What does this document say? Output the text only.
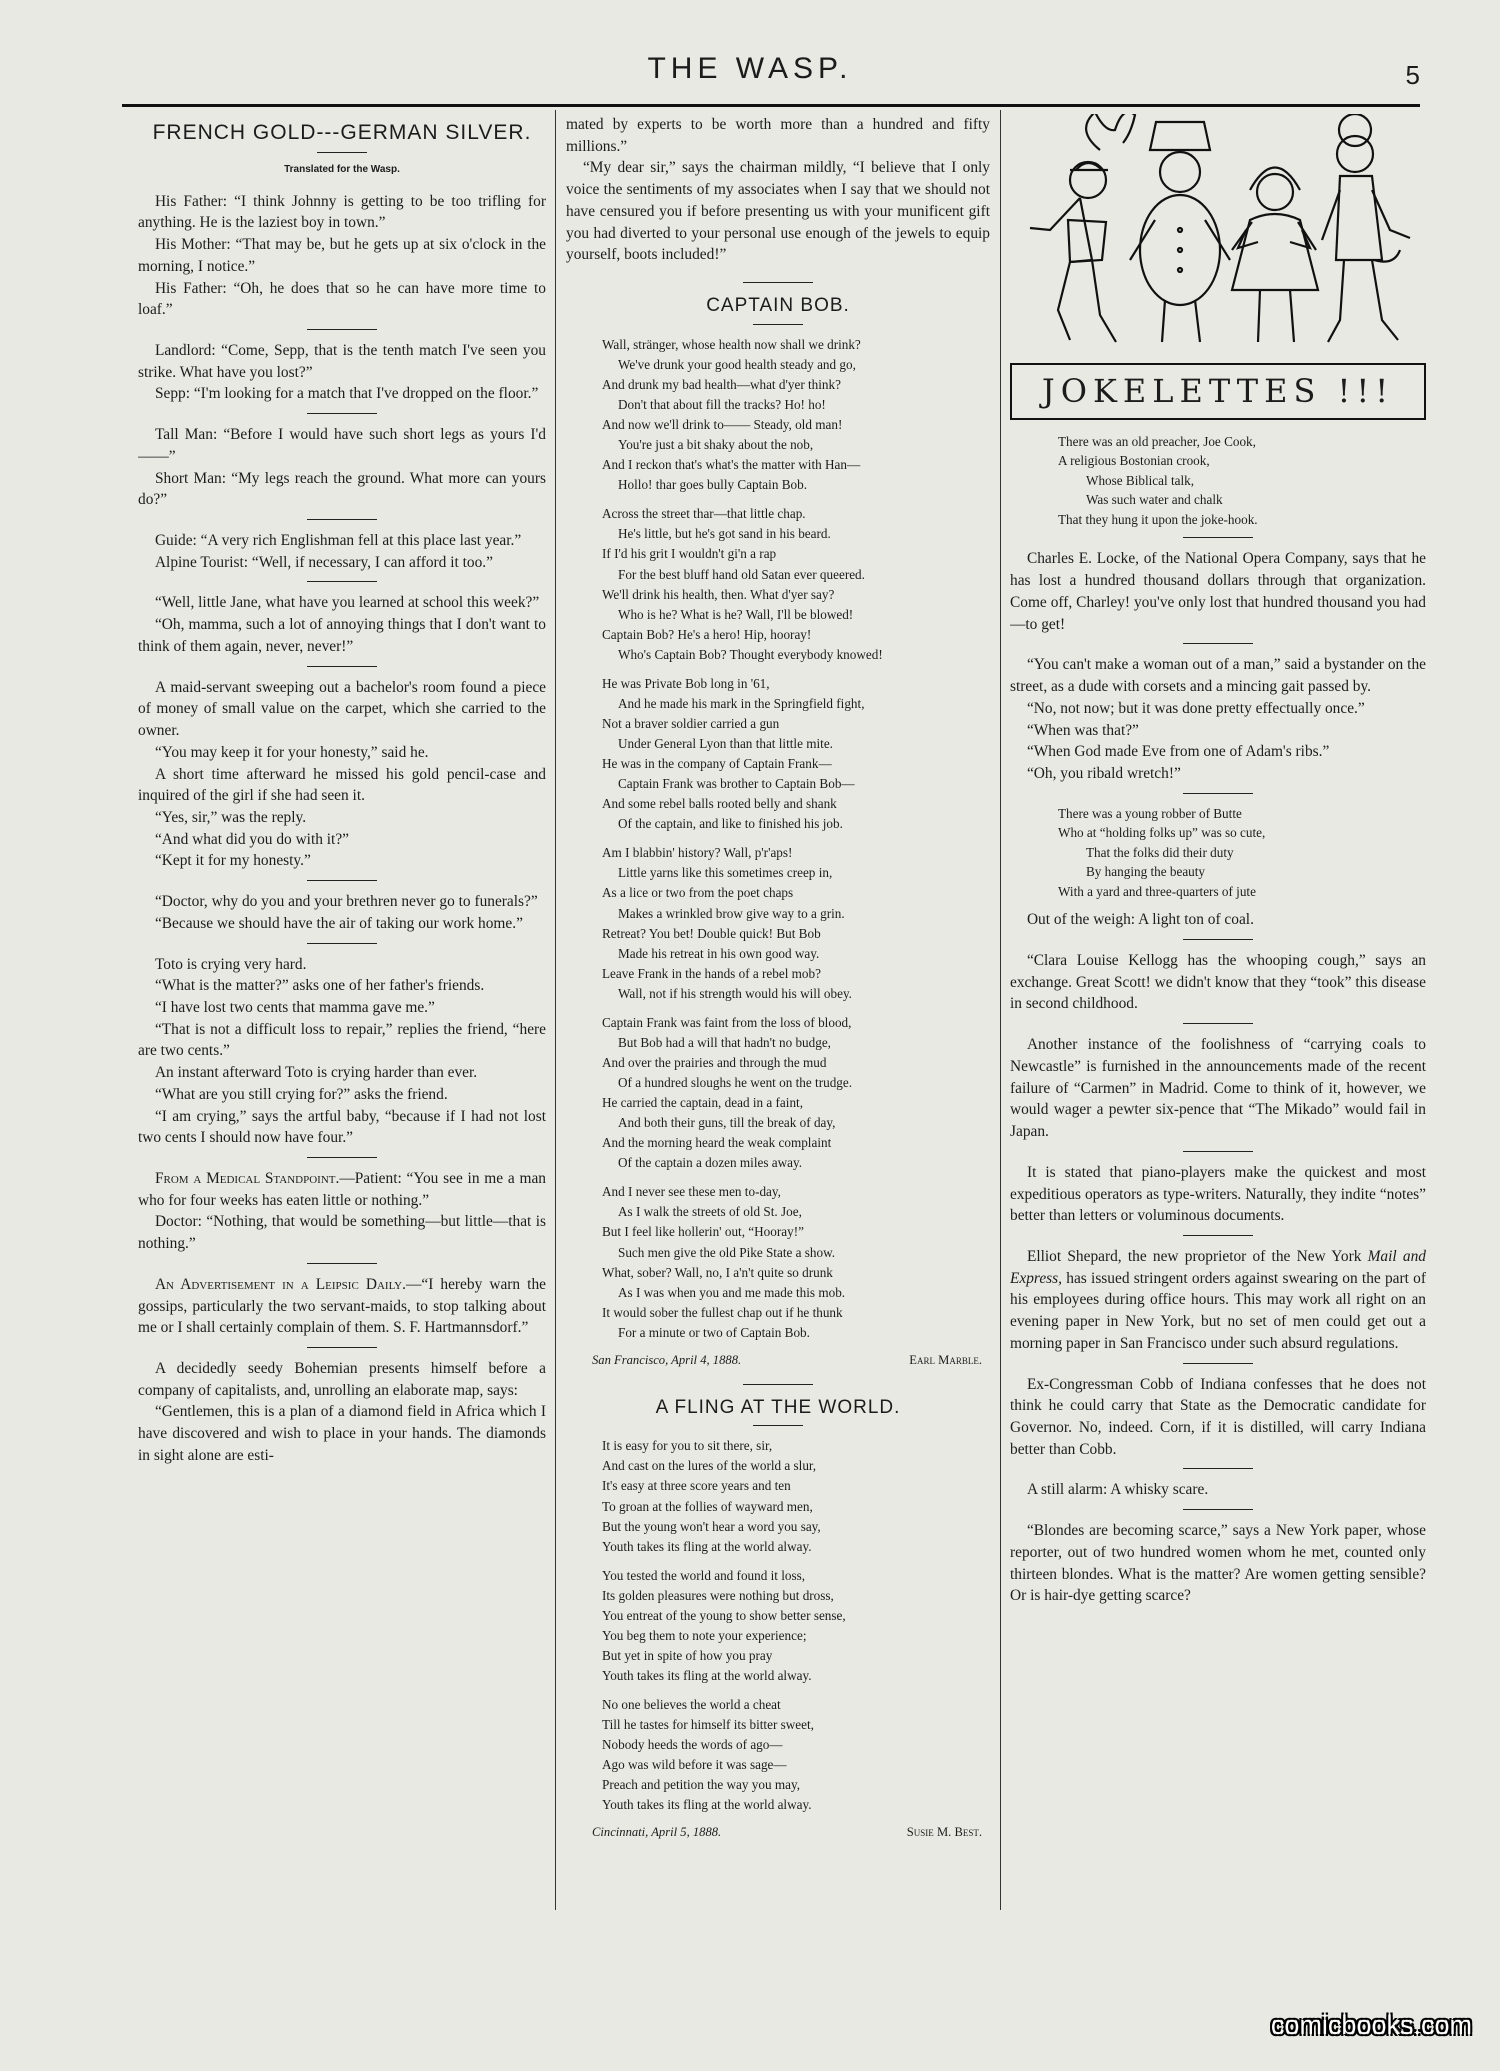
THE WASP.	5
FRENCH GOLD---GERMAN SILVER.
Translated for the Wasp.

His Father: “I think Johnny is getting to be too trifling for anything. He is the laziest boy in town.”

His Mother: “That may be, but he gets up at six o'clock in the morning, I notice.”

His Father: “Oh, he does that so he can have more time to loaf.”

Landlord: “Come, Sepp, that is the tenth match I've seen you strike. What have you lost?”

Sepp: “I'm looking for a match that I've dropped on the floor.”

Tall Man: “Before I would have such short legs as yours I'd——”

Short Man: “My legs reach the ground. What more can yours do?”

Guide: “A very rich Englishman fell at this place last year.”

Alpine Tourist: “Well, if necessary, I can afford it too.”

“Well, little Jane, what have you learned at school this week?”

“Oh, mamma, such a lot of annoying things that I don't want to think of them again, never, never!”

A maid-servant sweeping out a bachelor's room found a piece of money of small value on the carpet, which she carried to the owner.

“You may keep it for your honesty,” said he.

A short time afterward he missed his gold pencil-case and inquired of the girl if she had seen it.

“Yes, sir,” was the reply.

“And what did you do with it?”

“Kept it for my honesty.”

“Doctor, why do you and your brethren never go to funerals?”

“Because we should have the air of taking our work home.”

Toto is crying very hard.

“What is the matter?” asks one of her father's friends.

“I have lost two cents that mamma gave me.”

“That is not a difficult loss to repair,” replies the friend, “here are two cents.”

An instant afterward Toto is crying harder than ever.

“What are you still crying for?” asks the friend.

“I am crying,” says the artful baby, “because if I had not lost two cents I should now have four.”

From a Medical Standpoint.—Patient: “You see in me a man who for four weeks has eaten little or nothing.”

Doctor: “Nothing, that would be something—but little—that is nothing.”

An Advertisement in a Leipsic Daily.—“I hereby warn the gossips, particularly the two servant-maids, to stop talking about me or I shall certainly complain of them. S. F. Hartmannsdorf.”

A decidedly seedy Bohemian presents himself before a company of capitalists, and, unrolling an elaborate map, says:

“Gentlemen, this is a plan of a diamond field in Africa which I have discovered and wish to place in your hands. The diamonds in sight alone are esti-

mated by experts to be worth more than a hundred and fifty millions.”

“My dear sir,” says the chairman mildly, “I believe that I only voice the sentiments of my associates when I say that we should not have censured you if before presenting us with your munificent gift you had diverted to your personal use enough of the jewels to equip yourself, boots included!”

CAPTAIN BOB.
Wall, stränger, whose health now shall we drink?
We've drunk your good health steady and go,
And drunk my bad health—what d'yer think?
Don't that about fill the tracks? Ho! ho!
And now we'll drink to—— Steady, old man!
You're just a bit shaky about the nob,
And I reckon that's what's the matter with Han—
Hollo! thar goes bully Captain Bob.
Across the street thar—that little chap.
He's little, but he's got sand in his beard.
If I'd his grit I wouldn't gi'n a rap
For the best bluff hand old Satan ever queered.
We'll drink his health, then. What d'yer say?
Who is he? What is he? Wall, I'll be blowed!
Captain Bob? He's a hero! Hip, hooray!
Who's Captain Bob? Thought everybody knowed!
He was Private Bob long in '61,
And he made his mark in the Springfield fight,
Not a braver soldier carried a gun
Under General Lyon than that little mite.
He was in the company of Captain Frank—
Captain Frank was brother to Captain Bob—
And some rebel balls rooted belly and shank
Of the captain, and like to finished his job.
Am I blabbin' history? Wall, p'r'aps!
Little yarns like this sometimes creep in,
As a lice or two from the poet chaps
Makes a wrinkled brow give way to a grin.
Retreat? You bet! Double quick! But Bob
Made his retreat in his own good way.
Leave Frank in the hands of a rebel mob?
Wall, not if his strength would his will obey.
Captain Frank was faint from the loss of blood,
But Bob had a will that hadn't no budge,
And over the prairies and through the mud
Of a hundred sloughs he went on the trudge.
He carried the captain, dead in a faint,
And both their guns, till the break of day,
And the morning heard the weak complaint
Of the captain a dozen miles away.
And I never see these men to-day,
As I walk the streets of old St. Joe,
But I feel like hollerin' out, “Hooray!”
Such men give the old Pike State a show.
What, sober? Wall, no, I a'n't quite so drunk
As I was when you and me made this mob.
It would sober the fullest chap out if he thunk
For a minute or two of Captain Bob.
San Francisco, April 4, 1888.	Earl Marble.
A FLING AT THE WORLD.
It is easy for you to sit there, sir,
And cast on the lures of the world a slur,
It's easy at three score years and ten
To groan at the follies of wayward men,
But the young won't hear a word you say,
Youth takes its fling at the world alway.
You tested the world and found it loss,
Its golden pleasures were nothing but dross,
You entreat of the young to show better sense,
You beg them to note your experience;
But yet in spite of how you pray
Youth takes its fling at the world alway.
No one believes the world a cheat
Till he tastes for himself its bitter sweet,
Nobody heeds the words of ago—
Ago was wild before it was sage—
Preach and petition the way you may,
Youth takes its fling at the world alway.
Cincinnati, April 5, 1888.	Susie M. Best.
JOKELETTES !!!
There was an old preacher, Joe Cook,
A religious Bostonian crook,
Whose Biblical talk,
Was such water and chalk
That they hung it upon the joke-hook.

Charles E. Locke, of the National Opera Company, says that he has lost a hundred thousand dollars through that organization. Come off, Charley! you've only lost that hundred thousand you had—to get!

“You can't make a woman out of a man,” said a bystander on the street, as a dude with corsets and a mincing gait passed by.

“No, not now; but it was done pretty effectually once.”

“When was that?”

“When God made Eve from one of Adam's ribs.”

“Oh, you ribald wretch!”

There was a young robber of Butte
Who at “holding folks up” was so cute,
That the folks did their duty
By hanging the beauty
With a yard and three-quarters of jute

Out of the weigh: A light ton of coal.

“Clara Louise Kellogg has the whooping cough,” says an exchange. Great Scott! we didn't know that they “took” this disease in second childhood.

Another instance of the foolishness of “carrying coals to Newcastle” is furnished in the announcements made of the recent failure of “Carmen” in Madrid. Come to think of it, however, we would wager a pewter six-pence that “The Mikado” would fail in Japan.

It is stated that piano-players make the quickest and most expeditious operators as type-writers. Naturally, they indite “notes” better than letters or voluminous documents.

Elliot Shepard, the new proprietor of the New York Mail and Express, has issued stringent orders against swearing on the part of his employees during office hours. This may work all right on an evening paper in New York, but no set of men could get out a morning paper in San Francisco under such absurd regulations.

Ex-Congressman Cobb of Indiana confesses that he does not think he could carry that State as the Democratic candidate for Governor. No, indeed. Corn, if it is distilled, will carry Indiana better than Cobb.

A still alarm: A whisky scare.

“Blondes are becoming scarce,” says a New York paper, whose reporter, out of two hundred women whom he met, counted only thirteen blondes. What is the matter? Are women getting sensible? Or is hair-dye getting scarce?

comicbooks.com
